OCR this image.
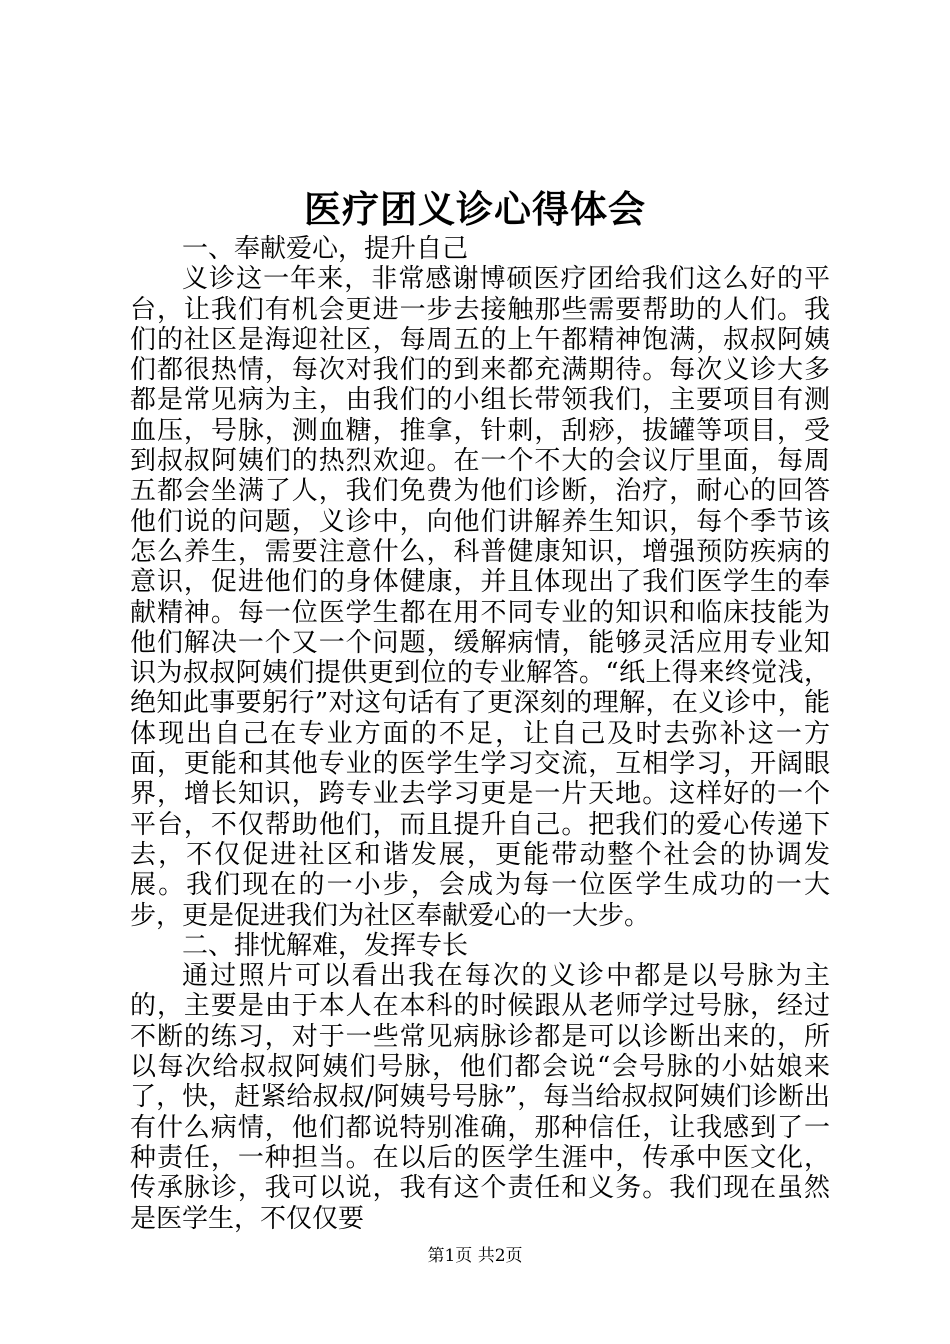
医疗团义诊心得体会

一、奉献爱心，提升自己

义诊这一年来，非常感谢博硕医疗团给我们这么好的平台，让我们有机会更进一步去接触那些需要帮助的人们。我们的社区是海迎社区，每周五的上午都精神饱满，叔叔阿姨们都很热情，每次对我们的到来都充满期待。每次义诊大多都是常见病为主，由我们的小组长带领我们，主要项目有测血压，号脉，测血糖，推拿，针刺，刮痧，拔罐等项目，受到叔叔阿姨们的热烈欢迎。在一个不大的会议厅里面，每周五都会坐满了人，我们免费为他们诊断，治疗，耐心的回答他们说的问题，义诊中，向他们讲解养生知识，每个季节该怎么养生，需要注意什么，科普健康知识，增强预防疾病的意识，促进他们的身体健康，并且体现出了我们医学生的奉献精神。每一位医学生都在用不同专业的知识和临床技能为他们解决一个又一个问题，缓解病情，能够灵活应用专业知识为叔叔阿姨们提供更到位的专业解答。“纸上得来终觉浅，绝知此事要躬行”对这句话有了更深刻的理解，在义诊中，能体现出自己在专业方面的不足，让自己及时去弥补这一方面，更能和其他专业的医学生学习交流，互相学习，开阔眼界，增长知识，跨专业去学习更是一片天地。这样好的一个平台，不仅帮助他们，而且提升自己。把我们的爱心传递下去，不仅促进社区和谐发展，更能带动整个社会的协调发展。我们现在的一小步，会成为每一位医学生成功的一大步，更是促进我们为社区奉献爱心的一大步。

二、排忧解难，发挥专长

通过照片可以看出我在每次的义诊中都是以号脉为主的，主要是由于本人在本科的时候跟从老师学过号脉，经过不断的练习，对于一些常见病脉诊都是可以诊断出来的，所以每次给叔叔阿姨们号脉，他们都会说“会号脉的小姑娘来了，快，赶紧给叔叔/阿姨号号脉”，每当给叔叔阿姨们诊断出有什么病情，他们都说特别准确，那种信任，让我感到了一种责任，一种担当。在以后的医学生涯中，传承中医文化，传承脉诊，我可以说，我有这个责任和义务。我们现在虽然是医学生，不仅仅要

第1页 共2页
